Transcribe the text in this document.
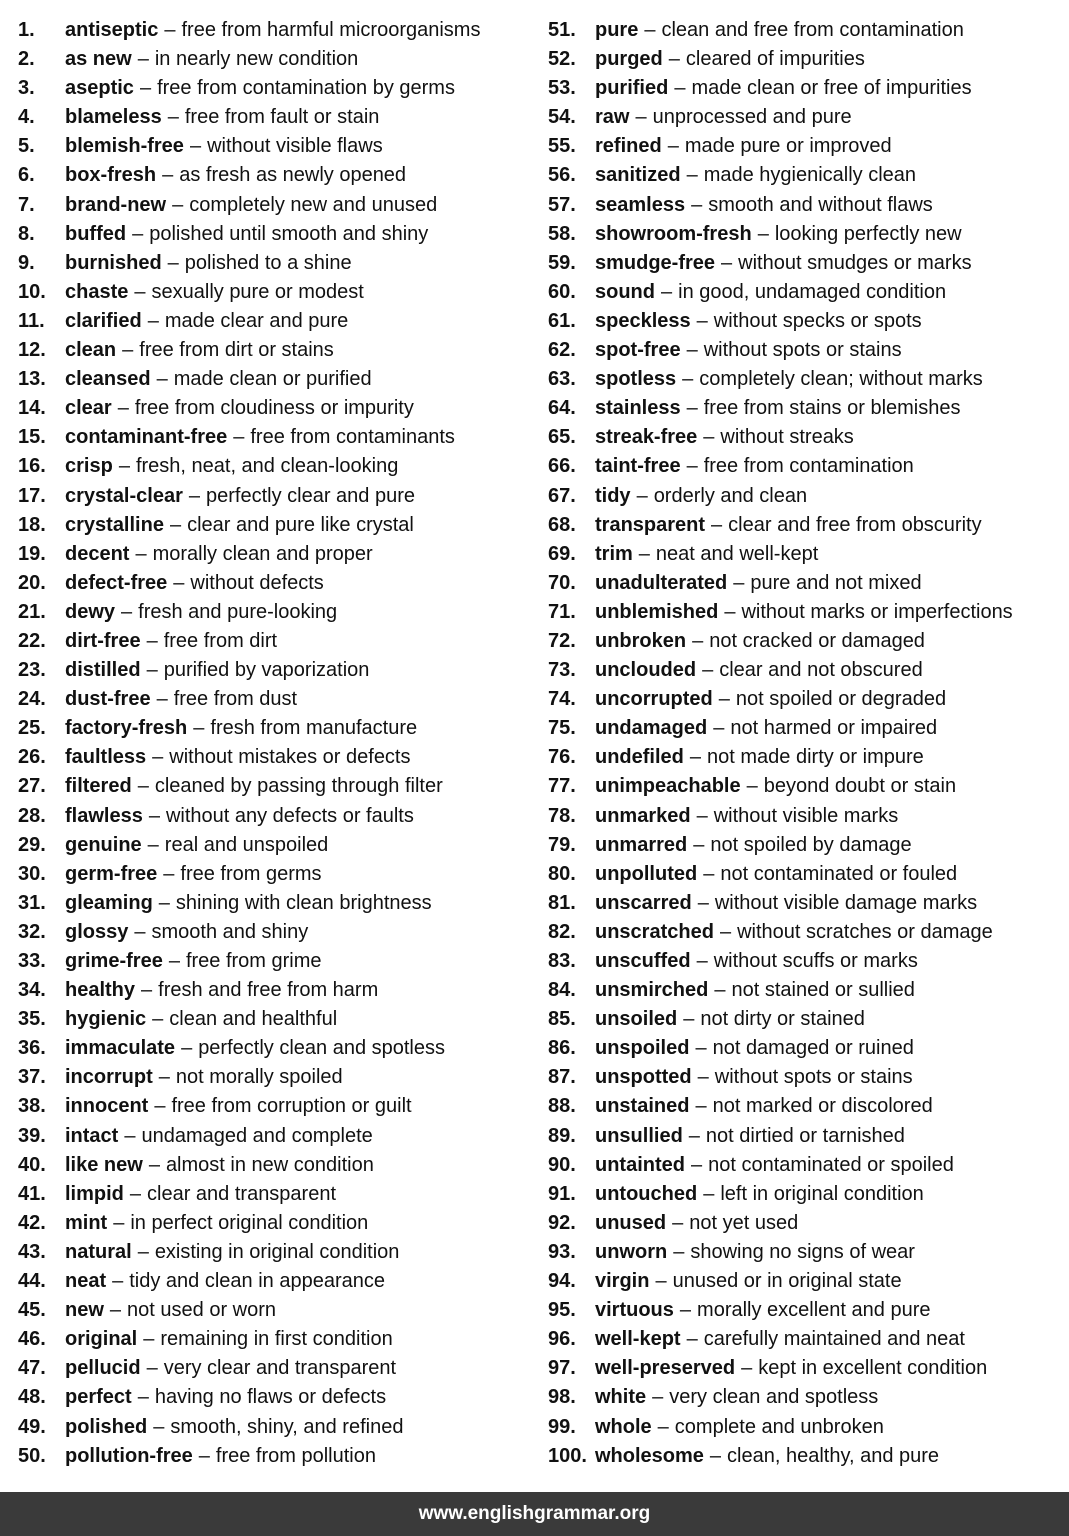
1.	antiseptic – free from harmful microorganisms
2.	as new – in nearly new condition
3.	aseptic – free from contamination by germs
4.	blameless – free from fault or stain
5.	blemish-free – without visible flaws
6.	box-fresh – as fresh as newly opened
7.	brand-new – completely new and unused
8.	buffed – polished until smooth and shiny
9.	burnished – polished to a shine
10. chaste – sexually pure or modest
11.	clarified – made clear and pure
12. clean – free from dirt or stains
13. cleansed – made clean or purified
14. clear – free from cloudiness or impurity
15. contaminant-free – free from contaminants
16. crisp – fresh, neat, and clean-looking
17. crystal-clear – perfectly clear and pure
18. crystalline – clear and pure like crystal
19. decent – morally clean and proper
20. defect-free – without defects
21. dewy – fresh and pure-looking
22. dirt-free – free from dirt
23. distilled – purified by vaporization
24. dust-free – free from dust
25. factory-fresh – fresh from manufacture
26. faultless – without mistakes or defects
27. filtered – cleaned by passing through filter
28. flawless – without any defects or faults
29. genuine – real and unspoiled
30. germ-free – free from germs
31. gleaming – shining with clean brightness
32. glossy – smooth and shiny
33. grime-free – free from grime
34. healthy – fresh and free from harm
35. hygienic – clean and healthful
36. immaculate – perfectly clean and spotless
37. incorrupt – not morally spoiled
38. innocent – free from corruption or guilt
39. intact – undamaged and complete
40. like new – almost in new condition
41. limpid – clear and transparent
42. mint – in perfect original condition
43. natural – existing in original condition
44. neat – tidy and clean in appearance
45. new – not used or worn
46. original – remaining in first condition
47. pellucid – very clear and transparent
48. perfect – having no flaws or defects
49. polished – smooth, shiny, and refined
50. pollution-free – free from pollution
51. pure – clean and free from contamination
52. purged – cleared of impurities
53. purified – made clean or free of impurities
54. raw – unprocessed and pure
55. refined – made pure or improved
56. sanitized – made hygienically clean
57. seamless – smooth and without flaws
58. showroom-fresh – looking perfectly new
59. smudge-free – without smudges or marks
60. sound – in good, undamaged condition
61. speckless – without specks or spots
62. spot-free – without spots or stains
63. spotless – completely clean; without marks
64. stainless – free from stains or blemishes
65. streak-free – without streaks
66. taint-free – free from contamination
67. tidy – orderly and clean
68. transparent – clear and free from obscurity
69. trim – neat and well-kept
70. unadulterated – pure and not mixed
71. unblemished – without marks or imperfections
72. unbroken – not cracked or damaged
73. unclouded – clear and not obscured
74. uncorrupted – not spoiled or degraded
75. undamaged – not harmed or impaired
76. undefiled – not made dirty or impure
77. unimpeachable – beyond doubt or stain
78. unmarked – without visible marks
79. unmarred – not spoiled by damage
80. unpolluted – not contaminated or fouled
81. unscarred – without visible damage marks
82. unscratched – without scratches or damage
83. unscuffed – without scuffs or marks
84. unsmirched – not stained or sullied
85. unsoiled – not dirty or stained
86. unspoiled – not damaged or ruined
87. unspotted – without spots or stains
88. unstained – not marked or discolored
89. unsullied – not dirtied or tarnished
90. untainted – not contaminated or spoiled
91. untouched – left in original condition
92. unused – not yet used
93. unworn – showing no signs of wear
94. virgin – unused or in original state
95. virtuous – morally excellent and pure
96. well-kept – carefully maintained and neat
97. well-preserved – kept in excellent condition
98. white – very clean and spotless
99. whole – complete and unbroken
100. wholesome – clean, healthy, and pure
www.englishgrammar.org
